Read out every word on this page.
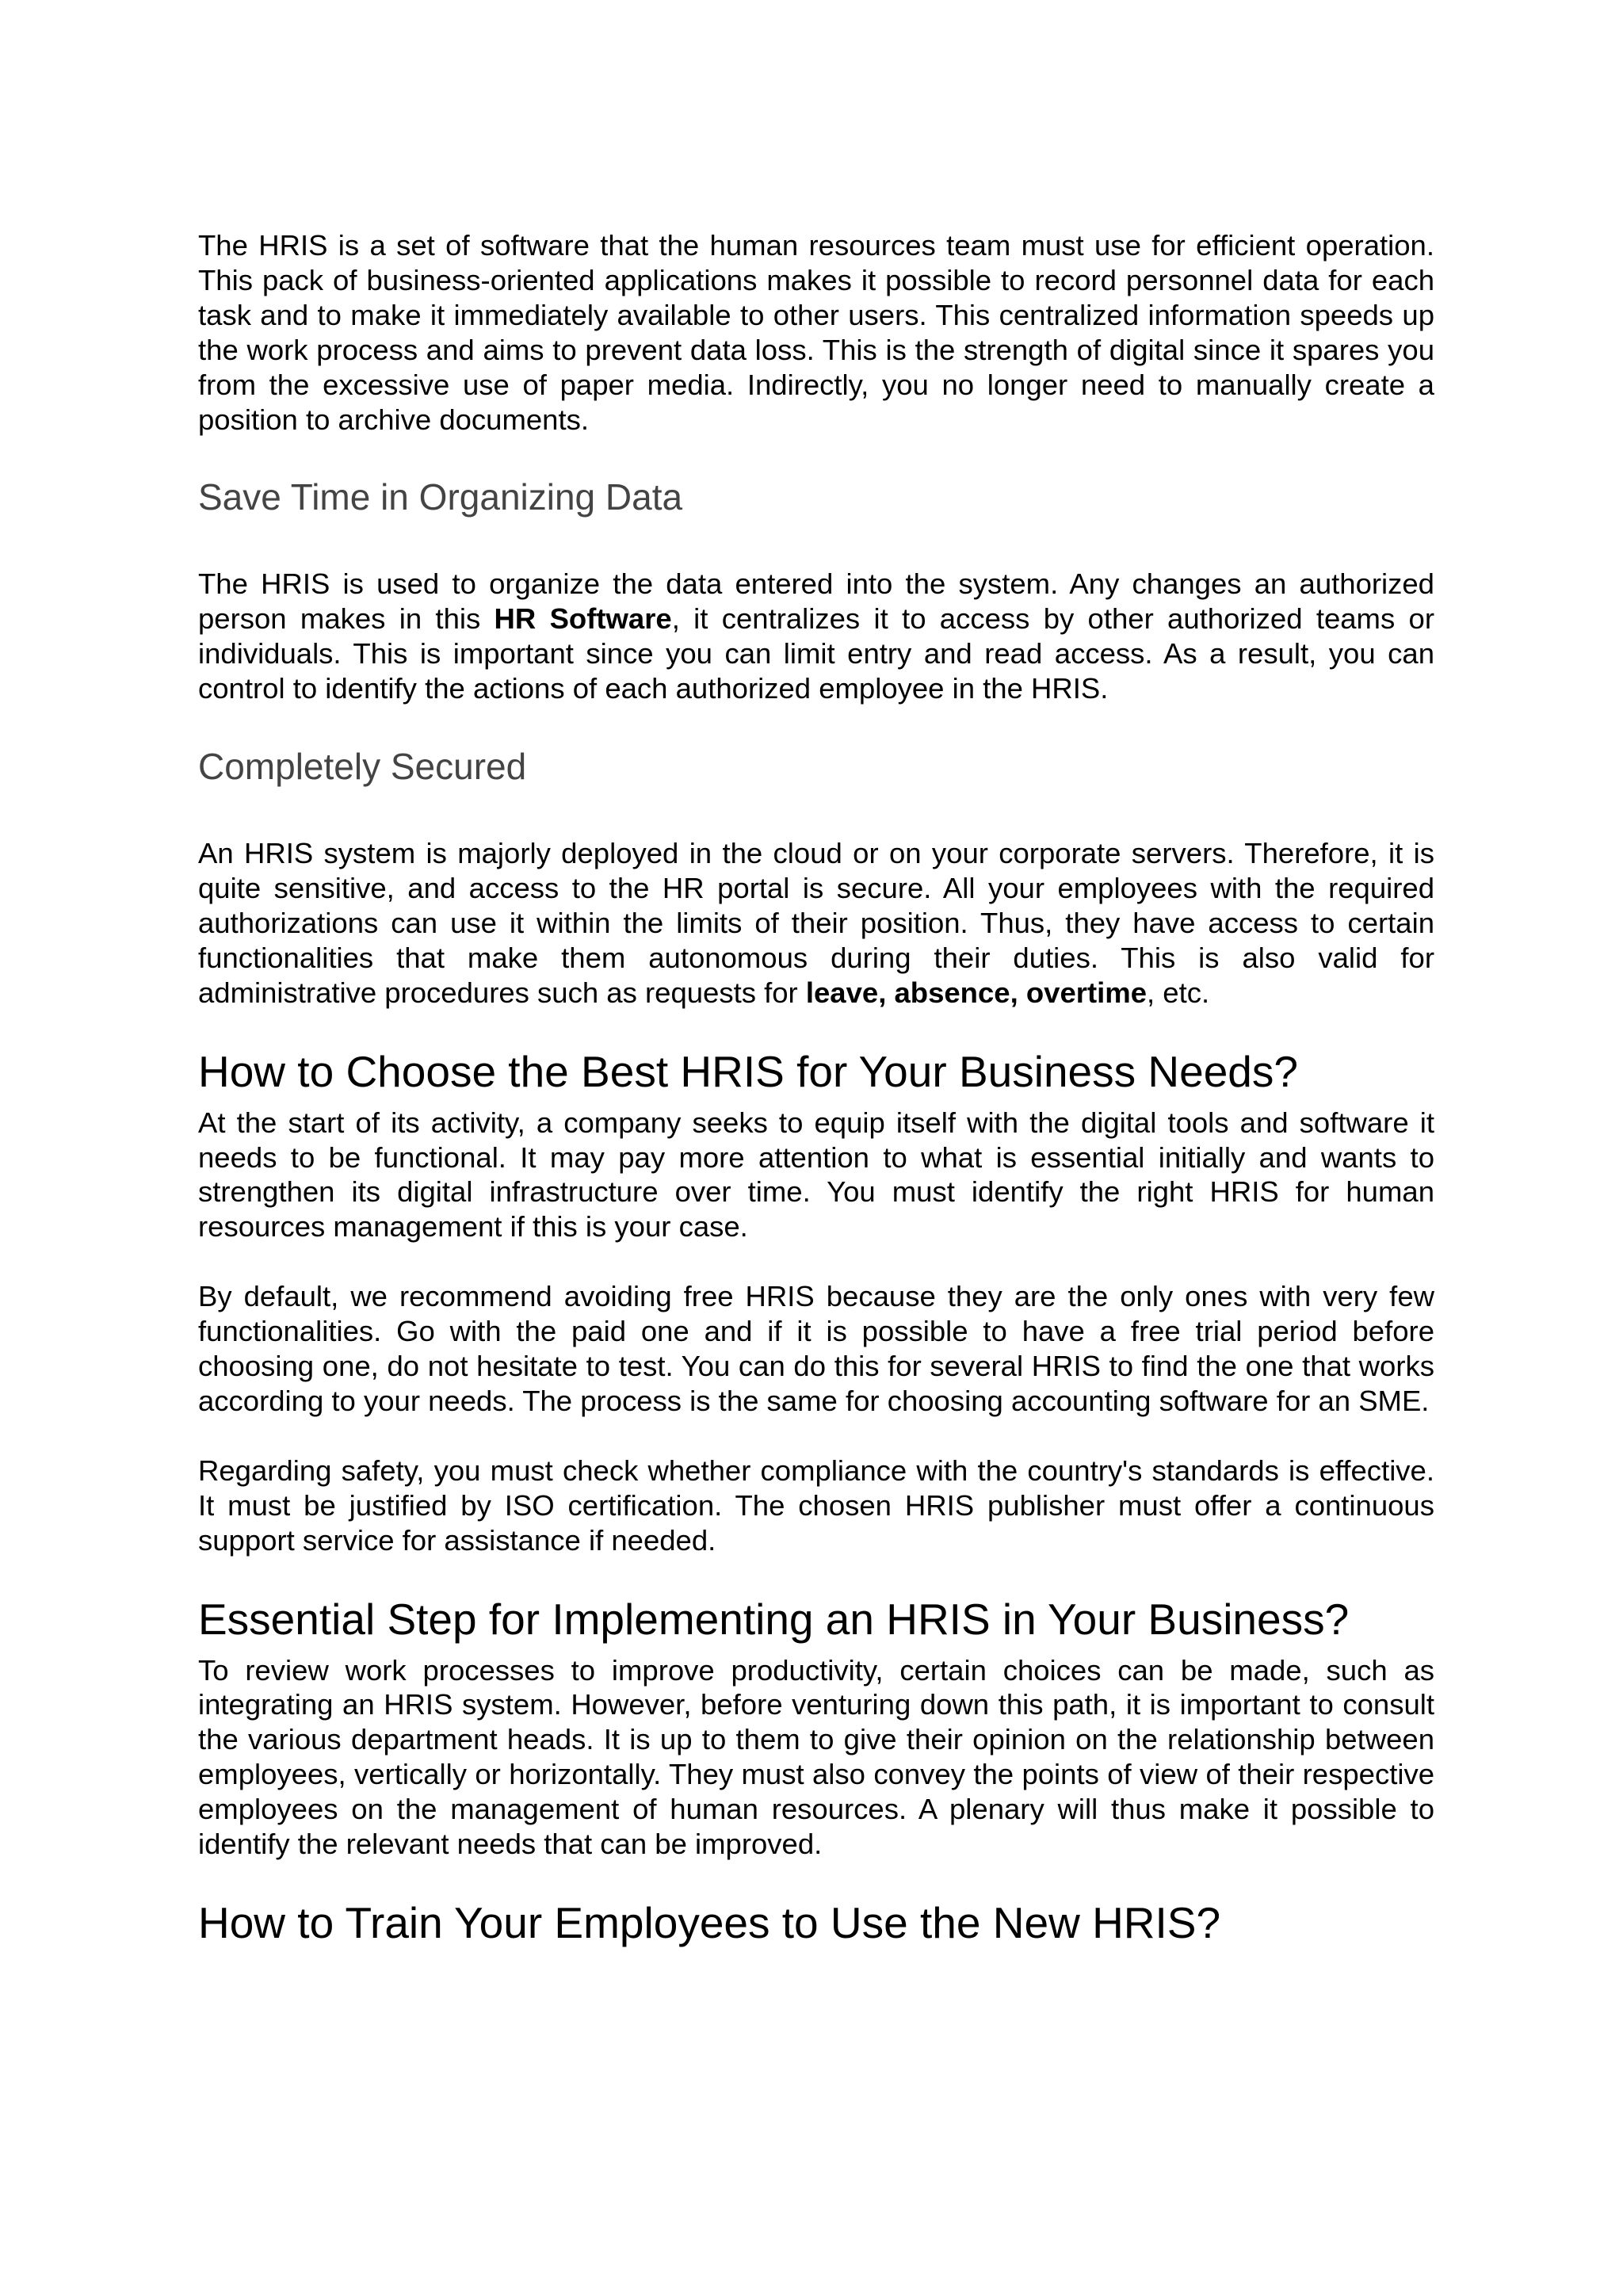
The HRIS is a set of software that the human resources team must use for efficient operation. This pack of business-oriented applications makes it possible to record personnel data for each task and to make it immediately available to other users. This centralized information speeds up the work process and aims to prevent data loss. This is the strength of digital since it spares you from the excessive use of paper media. Indirectly, you no longer need to manually create a position to archive documents.

Save Time in Organizing Data

The HRIS is used to organize the data entered into the system. Any changes an authorized person makes in this HR Software, it centralizes it to access by other authorized teams or individuals. This is important since you can limit entry and read access. As a result, you can control to identify the actions of each authorized employee in the HRIS.

Completely Secured

An HRIS system is majorly deployed in the cloud or on your corporate servers. Therefore, it is quite sensitive, and access to the HR portal is secure. All your employees with the required authorizations can use it within the limits of their position. Thus, they have access to certain functionalities that make them autonomous during their duties. This is also valid for administrative procedures such as requests for leave, absence, overtime, etc.

How to Choose the Best HRIS for Your Business Needs?

At the start of its activity, a company seeks to equip itself with the digital tools and software it needs to be functional. It may pay more attention to what is essential initially and wants to strengthen its digital infrastructure over time. You must identify the right HRIS for human resources management if this is your case.

By default, we recommend avoiding free HRIS because they are the only ones with very few functionalities. Go with the paid one and if it is possible to have a free trial period before choosing one, do not hesitate to test. You can do this for several HRIS to find the one that works according to your needs. The process is the same for choosing accounting software for an SME.

Regarding safety, you must check whether compliance with the country's standards is effective. It must be justified by ISO certification. The chosen HRIS publisher must offer a continuous support service for assistance if needed.

Essential Step for Implementing an HRIS in Your Business?

To review work processes to improve productivity, certain choices can be made, such as integrating an HRIS system. However, before venturing down this path, it is important to consult the various department heads. It is up to them to give their opinion on the relationship between employees, vertically or horizontally. They must also convey the points of view of their respective employees on the management of human resources. A plenary will thus make it possible to identify the relevant needs that can be improved.

How to Train Your Employees to Use the New HRIS?
